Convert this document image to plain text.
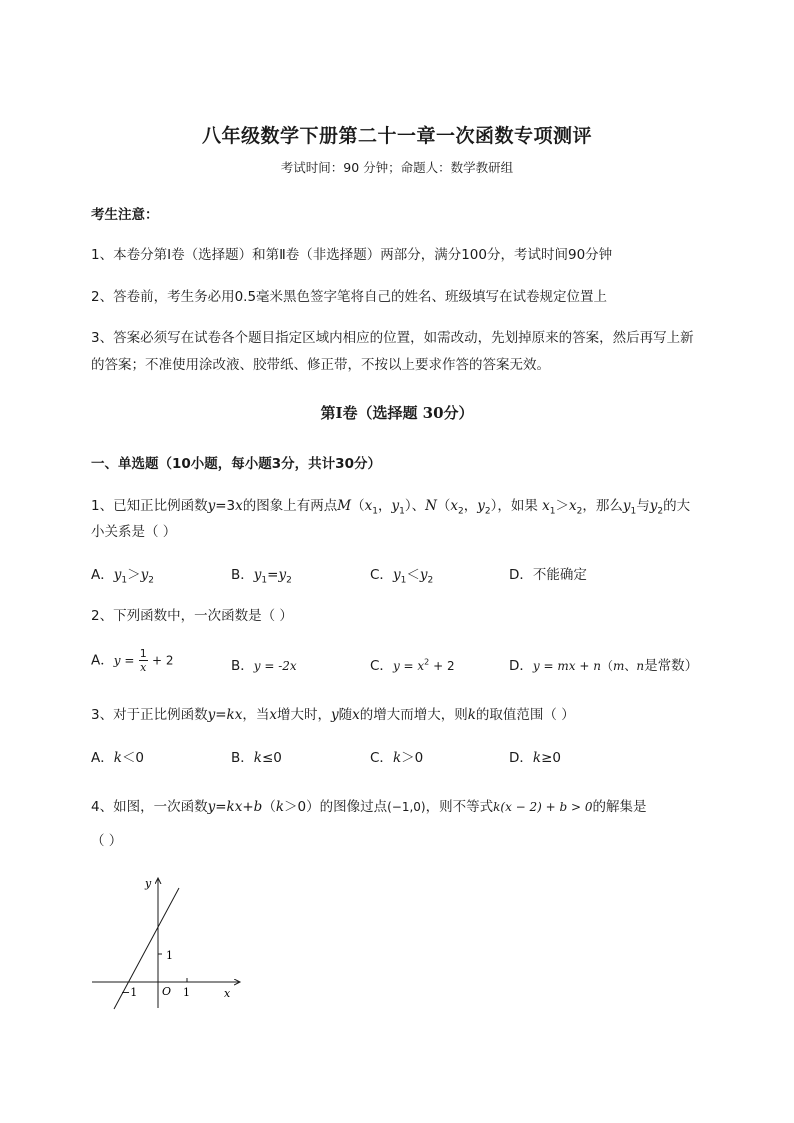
八年级数学下册第二十一章一次函数专项测评
考试时间：90 分钟；命题人：数学教研组
考生注意：
1、本卷分第Ⅰ卷（选择题）和第Ⅱ卷（非选择题）两部分，满分100分，考试时间90分钟
2、答卷前，考生务必用0.5毫米黑色签字笔将自己的姓名、班级填写在试卷规定位置上
3、答案必须写在试卷各个题目指定区域内相应的位置，如需改动，先划掉原来的答案，然后再写上新
的答案；不准使用涂改液、胶带纸、修正带，不按以上要求作答的答案无效。
第Ⅰ卷（选择题 30分）
一、单选题（10小题，每小题3分，共计30分）
1、已知正比例函数y=3x的图象上有两点$M(x_1$，$y_1$）、$N(x_2$，$y_2$），如果 $x_1>x_2$，那么$y_1$与$y_2$的大
小关系是（ ）
A．$y_1>y_2$	B．$y_1=y_2$	C．$y_1<y_2$	D．不能确定
2、下列函数中，一次函数是（ ）
A．$y = \frac{1}{x} + 2$	B．y = -2x	C．$y = x^2 + 2$	D．y = mx + n（m、n是常数）
3、对于正比例函数y=kx，当x增大时，y随x的增大而增大，则k的取值范围（ ）
A．k＜0	B．k≤0	C．k＞0	D．k≥0
4、如图，一次函数y=kx+b（k＞0）的图像过点(−1,0)，则不等式k(x − 2) + b > 0的解集是
（ ）
y
x
O
−1	1
1
